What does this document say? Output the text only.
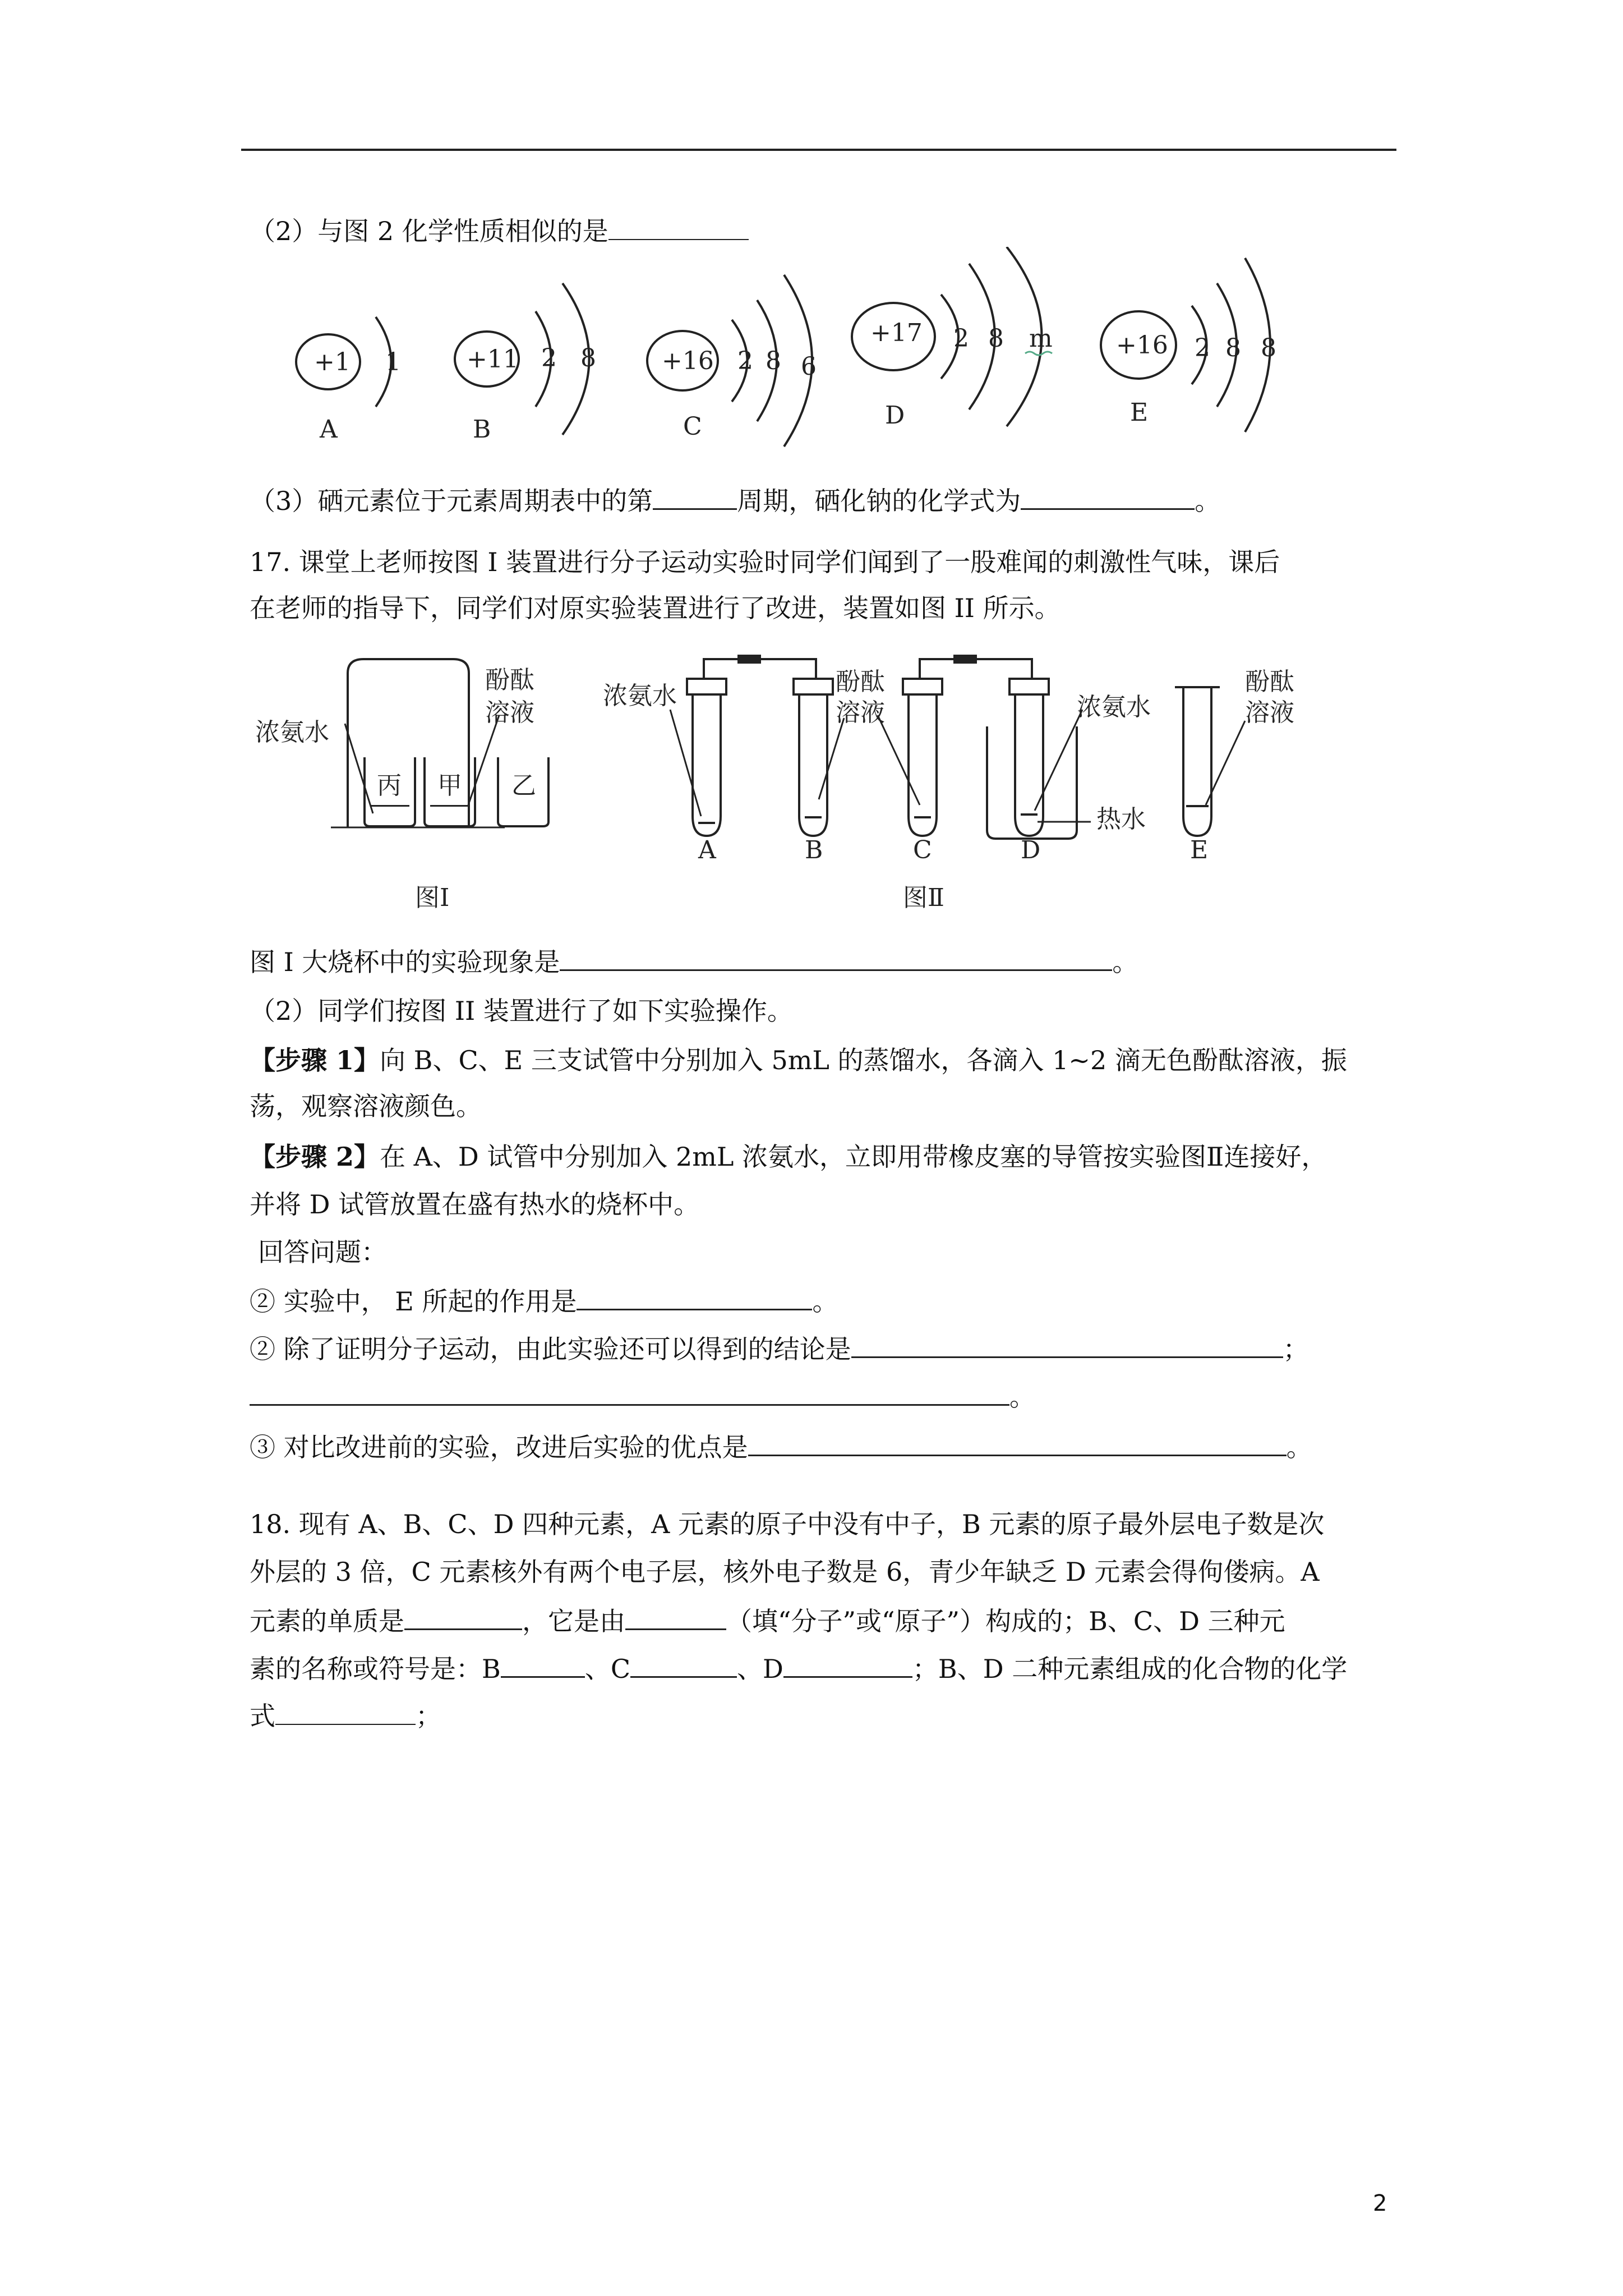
（2）与图 2 化学性质相似的是
+1 1
A
+11 2 8
B
+16 2 8 6
C
+17 2 8 m
D
+16 2 8 8
E
（3）硒元素位于元素周期表中的第	周期，硒化钠的化学式为	。
17. 课堂上老师按图 I 装置进行分子运动实验时同学们闻到了一股难闻的刺激性气味，课后
在老师的指导下，同学们对原实验装置进行了改进，装置如图 II 所示。
浓氨水
酚酞
溶液
丙 甲 乙
图Ⅰ
浓氨水	酚酞
溶液	浓氨水
热水
酚酞
溶液
A	B	C	D	E
图Ⅱ
图 I 大烧杯中的实验现象是	。
（2）同学们按图 II 装置进行了如下实验操作。
【步骤 1】向 B、C、E 三支试管中分别加入 5mL 的蒸馏水，各滴入 1~2 滴无色酚酞溶液，振
荡，观察溶液颜色。
【步骤 2】在 A、D 试管中分别加入 2mL 浓氨水，立即用带橡皮塞的导管按实验图Ⅱ连接好，
并将 D 试管放置在盛有热水的烧杯中。
回答问题：
② 实验中， E 所起的作用是	。
② 除了证明分子运动，由此实验还可以得到的结论是	；
。
③ 对比改进前的实验，改进后实验的优点是	。
18. 现有 A、B、C、D 四种元素，A 元素的原子中没有中子，B 元素的原子最外层电子数是次
外层的 3 倍，C 元素核外有两个电子层，核外电子数是 6，青少年缺乏 D 元素会得佝偻病。A
元素的单质是	，它是由	（填“分子”或“原子”）构成的；B、C、D 三种元
素的名称或符号是：B	、C	、D	；B、D 二种元素组成的化合物的化学
式	；
2
